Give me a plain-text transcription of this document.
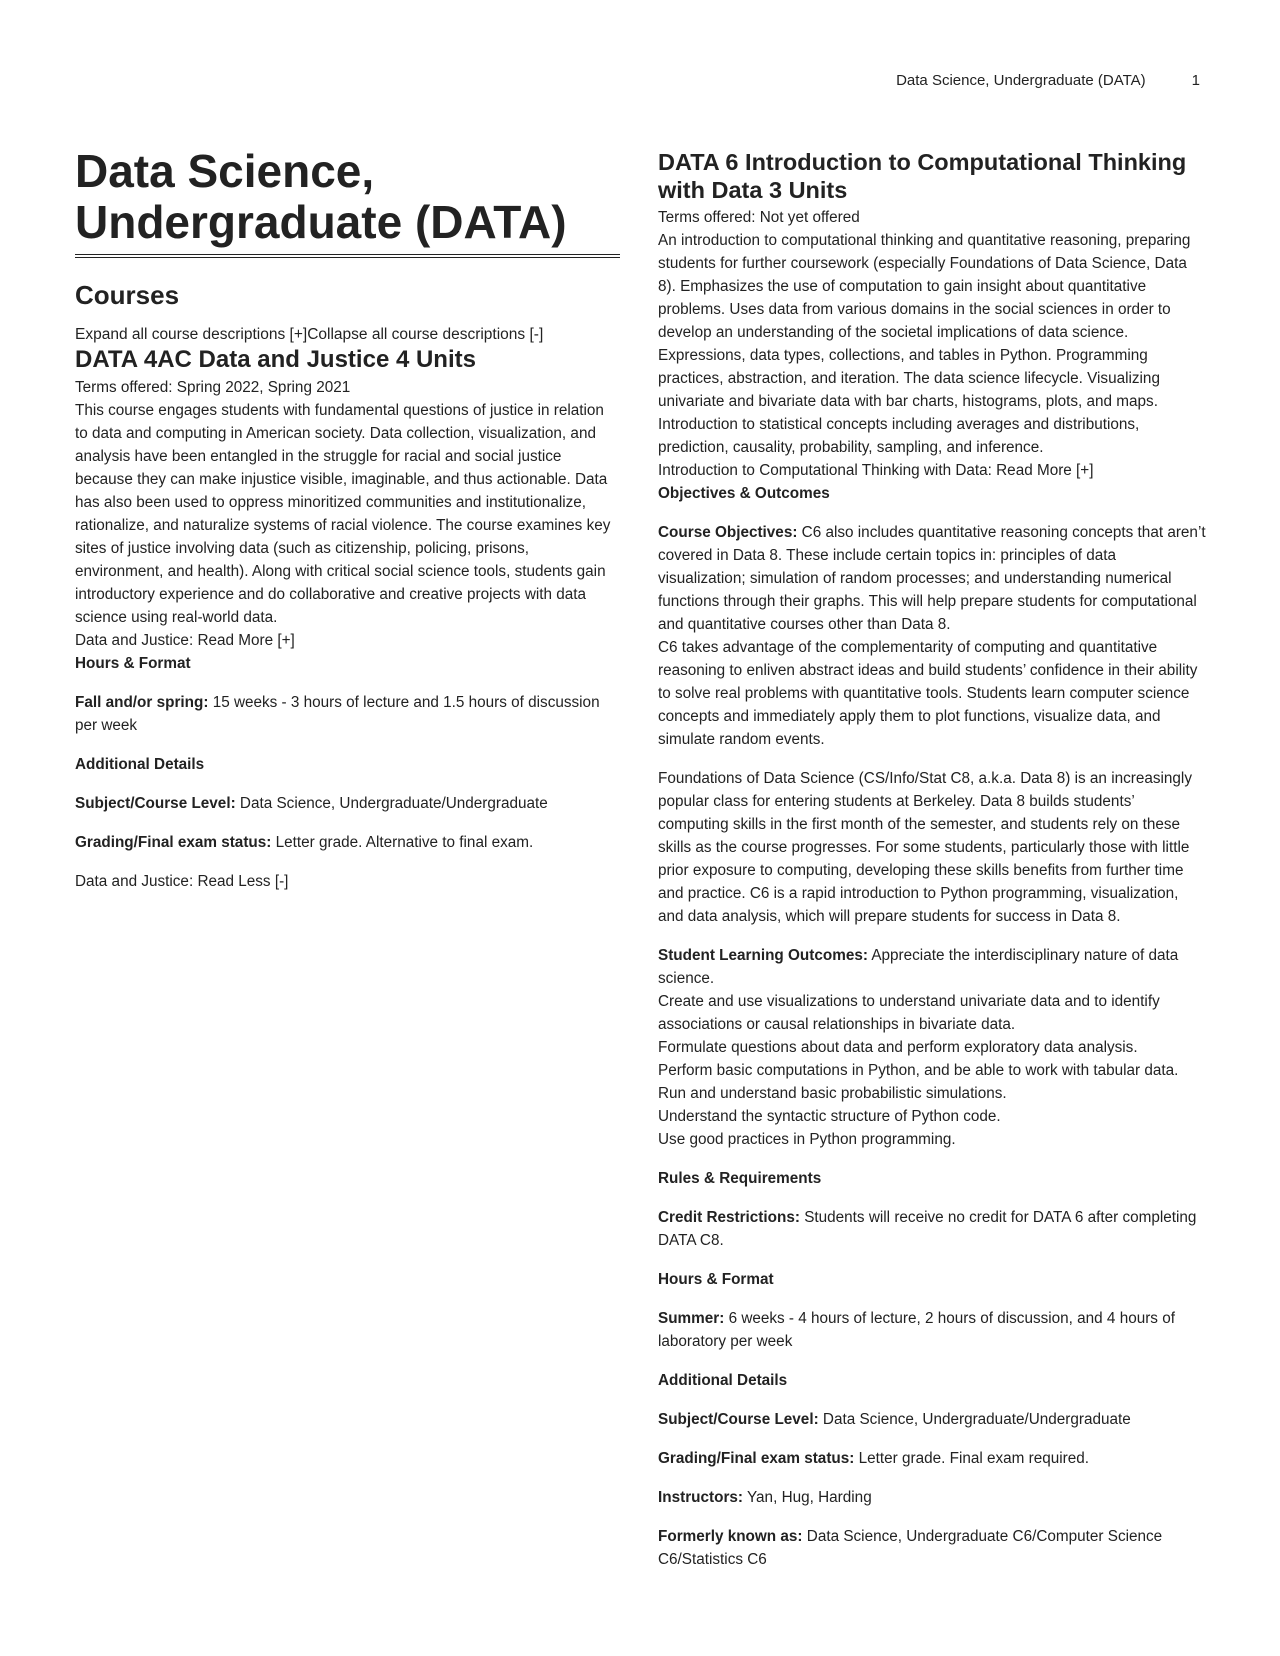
Data Science, Undergraduate (DATA)	1
Data Science, Undergraduate (DATA)
Courses
Expand all course descriptions [+]Collapse all course descriptions [-]
DATA 4AC Data and Justice 4 Units

Terms offered: Spring 2022, Spring 2021

This course engages students with fundamental questions of justice in relation to data and computing in American society. Data collection, visualization, and analysis have been entangled in the struggle for racial and social justice because they can make injustice visible, imaginable, and thus actionable. Data has also been used to oppress minoritized communities and institutionalize, rationalize, and naturalize systems of racial violence. The course examines key sites of justice involving data (such as citizenship, policing, prisons, environment, and health). Along with critical social science tools, students gain introductory experience and do collaborative and creative projects with data science using real-world data.

Data and Justice: Read More [+]

Hours & Format

Fall and/or spring: 15 weeks - 3 hours of lecture and 1.5 hours of discussion per week

Additional Details

Subject/Course Level: Data Science, Undergraduate/Undergraduate

Grading/Final exam status: Letter grade. Alternative to final exam.

Data and Justice: Read Less [-]

DATA 6 Introduction to Computational Thinking with Data 3 Units

Terms offered: Not yet offered

An introduction to computational thinking and quantitative reasoning, preparing students for further coursework (especially Foundations of Data Science, Data 8). Emphasizes the use of computation to gain insight about quantitative problems. Uses data from various domains in the social sciences in order to develop an understanding of the societal implications of data science. Expressions, data types, collections, and tables in Python. Programming practices, abstraction, and iteration. The data science lifecycle. Visualizing univariate and bivariate data with bar charts, histograms, plots, and maps. Introduction to statistical concepts including averages and distributions, prediction, causality, probability, sampling, and inference.

Introduction to Computational Thinking with Data: Read More [+]

Objectives & Outcomes

Course Objectives: C6 also includes quantitative reasoning concepts that aren’t covered in Data 8. These include certain topics in: principles of data visualization; simulation of random processes; and understanding numerical functions through their graphs. This will help prepare students for computational and quantitative courses other than Data 8.

C6 takes advantage of the complementarity of computing and quantitative reasoning to enliven abstract ideas and build students’ confidence in their ability to solve real problems with quantitative tools. Students learn computer science concepts and immediately apply them to plot functions, visualize data, and simulate random events.

Foundations of Data Science (CS/Info/Stat C8, a.k.a. Data 8) is an increasingly popular class for entering students at Berkeley. Data 8 builds students’ computing skills in the first month of the semester, and students rely on these skills as the course progresses. For some students, particularly those with little prior exposure to computing, developing these skills benefits from further time and practice. C6 is a rapid introduction to Python programming, visualization, and data analysis, which will prepare students for success in Data 8.

Student Learning Outcomes: Appreciate the interdisciplinary nature of data science.
Create and use visualizations to understand univariate data and to identify associations or causal relationships in bivariate data.
Formulate questions about data and perform exploratory data analysis.
Perform basic computations in Python, and be able to work with tabular data.
Run and understand basic probabilistic simulations.
Understand the syntactic structure of Python code.
Use good practices in Python programming.

Rules & Requirements

Credit Restrictions: Students will receive no credit for DATA 6 after completing DATA C8.

Hours & Format

Summer: 6 weeks - 4 hours of lecture, 2 hours of discussion, and 4 hours of laboratory per week

Additional Details

Subject/Course Level: Data Science, Undergraduate/Undergraduate

Grading/Final exam status: Letter grade. Final exam required.

Instructors: Yan, Hug, Harding

Formerly known as: Data Science, Undergraduate C6/Computer Science C6/Statistics C6
